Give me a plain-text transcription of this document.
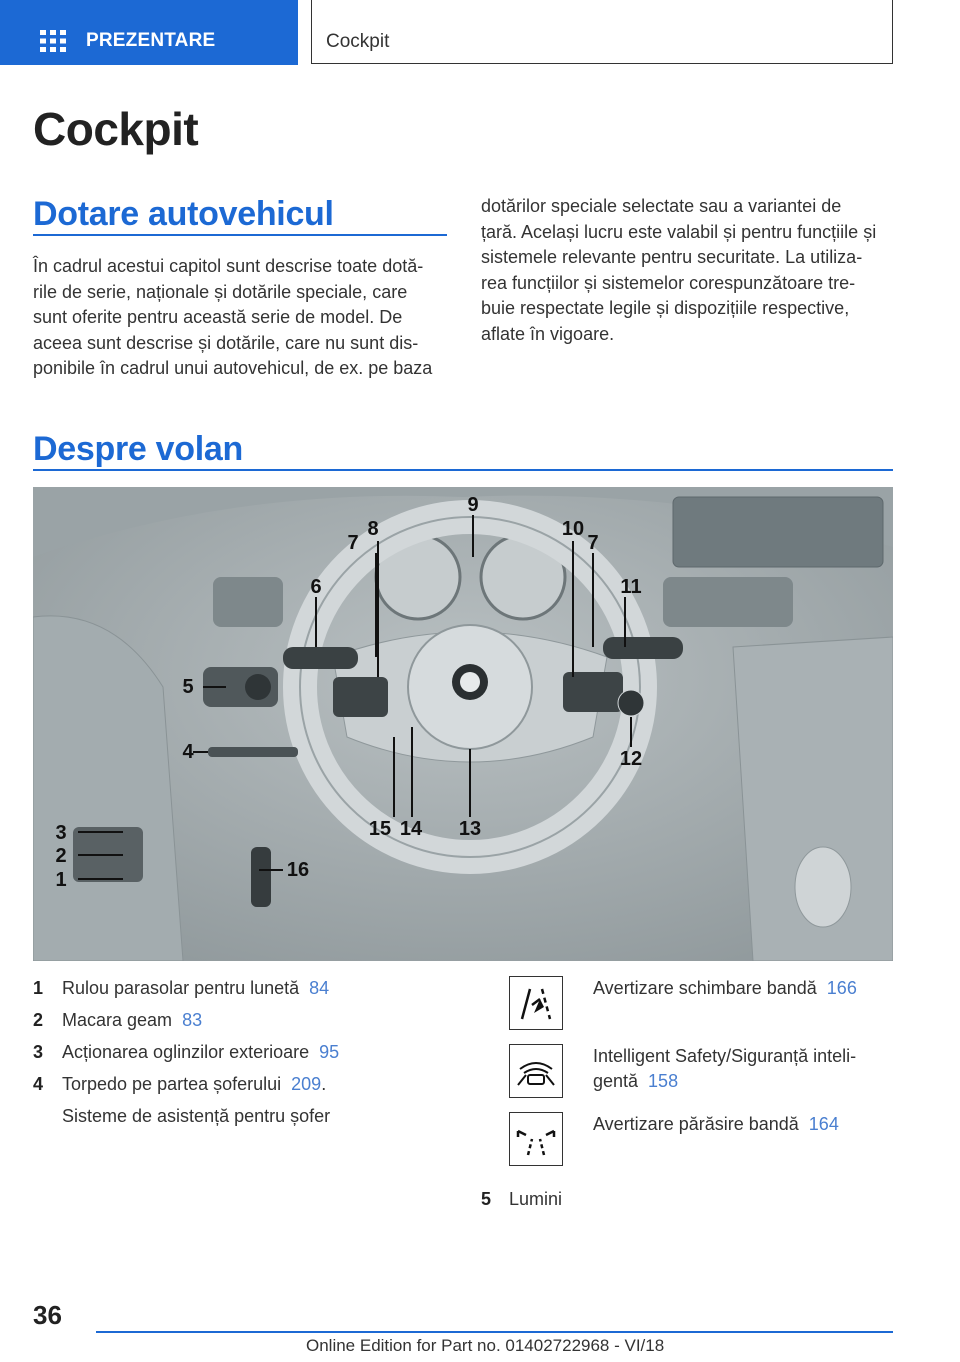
PREZENTARE	Cockpit
Cockpit
Dotare autovehicul

În cadrul acestui capitol sunt descrise toate dotă-

rile de serie, naționale și dotările speciale, care

sunt oferite pentru această serie de model. De

aceea sunt descrise și dotările, care nu sunt dis-

ponibile în cadrul unui autovehicul, de ex. pe baza

dotărilor speciale selectate sau a variantei de

țară. Același lucru este valabil și pentru funcțiile și

sistemele relevante pentru securitate. La utiliza-

rea funcțiilor și sistemelor corespunzătoare tre-

buie respectate legile și dispozițiile respective,

aflate în vigoare.

Despre volan
9
7
8	10
7
6	11
5
4	12
13
14
15
3
2
1	16
1 Rulou parasolar pentru lunetă 84
2 Macara geam 83
3 Acționarea oglinzilor exterioare 95
4 Torpedo pe partea șoferului 209.
Sisteme de asistență pentru șofer
Avertizare schimbare bandă 166
Intelligent Safety/Siguranță inteli-
gentă 158
Avertizare părăsire bandă 164
5 Lumini
36
Online Edition for Part no. 01402722968 - VI/18
